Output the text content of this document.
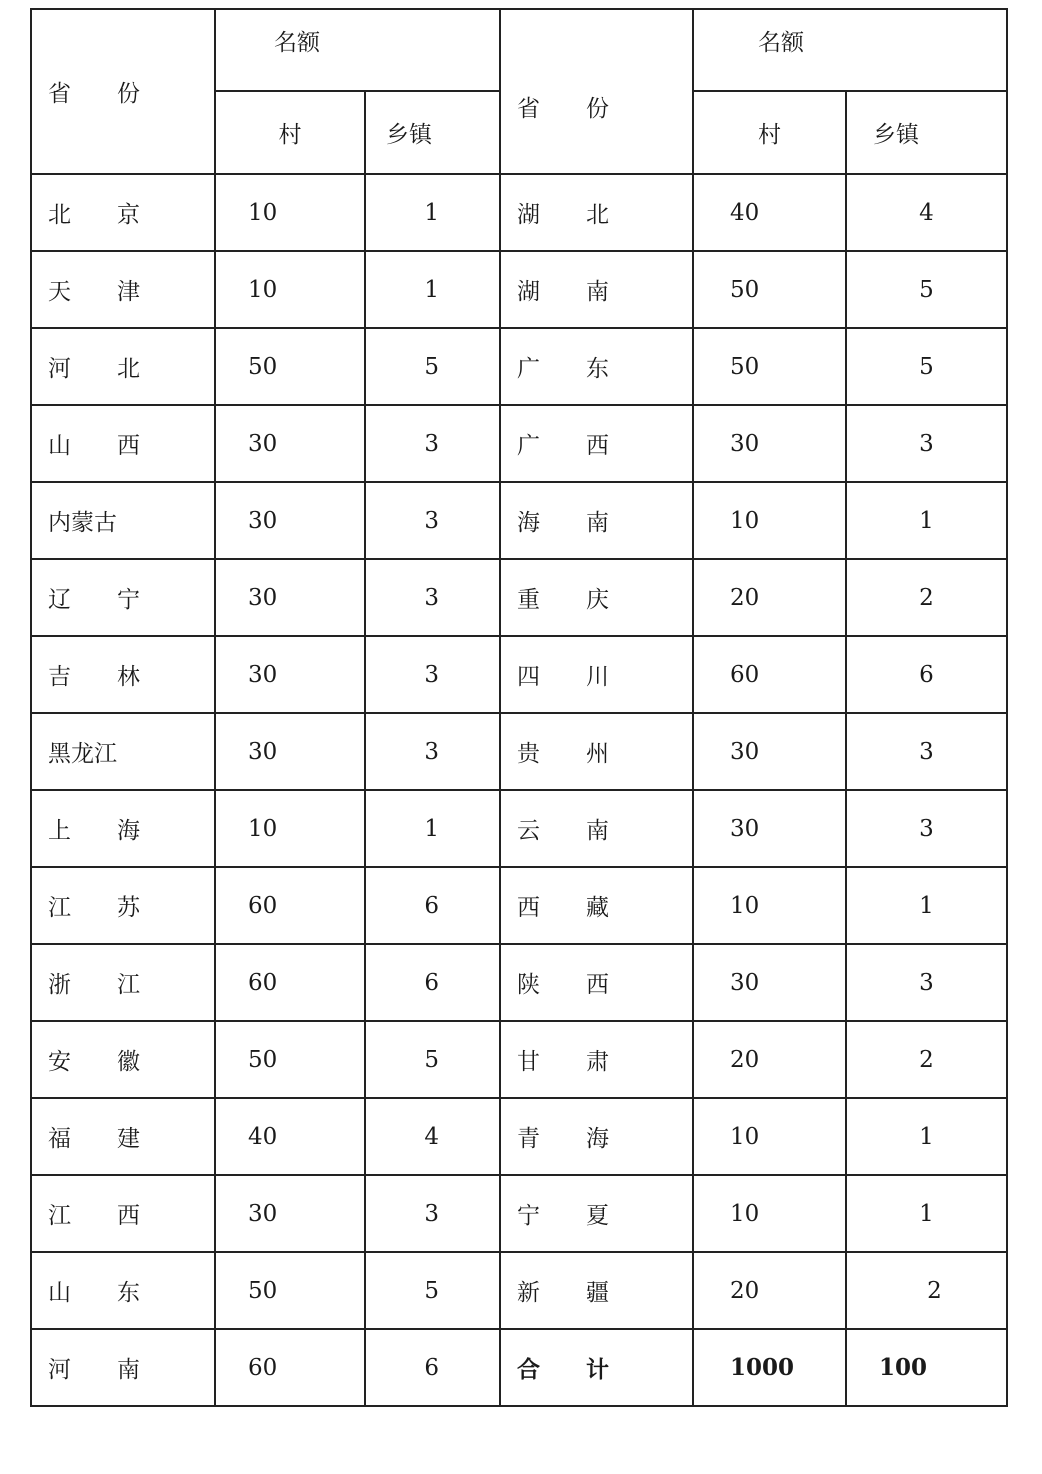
省　　份	名额		省　　份	名额	
	村	乡镇		村	乡镇
北　　京	10	1	湖　　北	40	4
天　　津	10	1	湖　　南	50	5
河　　北	50	5	广　　东	50	5
山　　西	30	3	广　　西	30	3
内蒙古	30	3	海　　南	10	1
辽　　宁	30	3	重　　庆	20	2
吉　　林	30	3	四　　川	60	6
黑龙江	30	3	贵　　州	30	3
上　　海	10	1	云　　南	30	3
江　　苏	60	6	西　　藏	10	1
浙　　江	60	6	陕　　西	30	3
安　　徽	50	5	甘　　肃	20	2
福　　建	40	4	青　　海	10	1
江　　西	30	3	宁　　夏	10	1
山　　东	50	5	新　　疆	20	2
河　　南	60	6	合　　计	1000	100
